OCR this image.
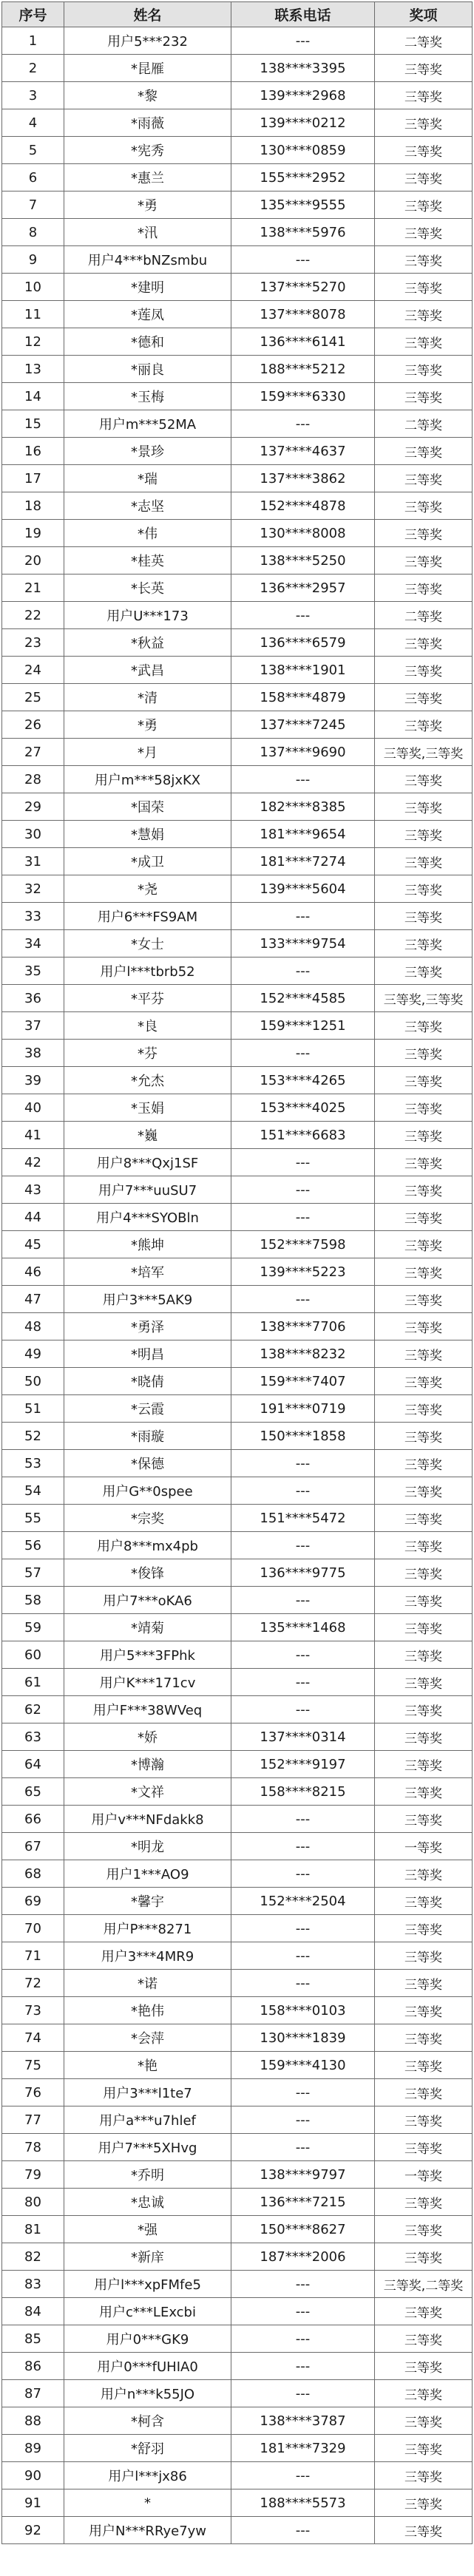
序号	姓名	联系电话	奖项
1	用户5***232	---	二等奖
2	*昆雁	138****3395	三等奖
3	*黎	139****2968	三等奖
4	*雨薇	139****0212	三等奖
5	*宪秀	130****0859	三等奖
6	*惠兰	155****2952	三等奖
7	*勇	135****9555	三等奖
8	*汛	138****5976	三等奖
9	用户4***bNZsmbu	---	三等奖
10	*建明	137****5270	三等奖
11	*莲凤	137****8078	三等奖
12	*德和	136****6141	三等奖
13	*丽良	188****5212	三等奖
14	*玉梅	159****6330	三等奖
15	用户m***52MA	---	二等奖
16	*景珍	137****4637	三等奖
17	*瑞	137****3862	三等奖
18	*志坚	152****4878	三等奖
19	*伟	130****8008	三等奖
20	*桂英	138****5250	三等奖
21	*长英	136****2957	三等奖
22	用户U***173	---	二等奖
23	*秋益	136****6579	三等奖
24	*武昌	138****1901	三等奖
25	*清	158****4879	三等奖
26	*勇	137****7245	三等奖
27	*月	137****9690	三等奖,三等奖
28	用户m***58jxKX	---	三等奖
29	*国荣	182****8385	三等奖
30	*慧娟	181****9654	三等奖
31	*成卫	181****7274	三等奖
32	*尧	139****5604	三等奖
33	用户6***FS9AM	---	三等奖
34	*女士	133****9754	三等奖
35	用户l***tbrb52	---	三等奖
36	*平芬	152****4585	三等奖,三等奖
37	*良	159****1251	三等奖
38	*芬	---	三等奖
39	*允杰	153****4265	三等奖
40	*玉娟	153****4025	三等奖
41	*巍	151****6683	三等奖
42	用户8***Qxj1SF	---	三等奖
43	用户7***uuSU7	---	三等奖
44	用户4***SYOBln	---	三等奖
45	*熊坤	152****7598	三等奖
46	*培军	139****5223	三等奖
47	用户3***5AK9	---	三等奖
48	*勇泽	138****7706	三等奖
49	*明昌	138****8232	三等奖
50	*晓倩	159****7407	三等奖
51	*云霞	191****0719	三等奖
52	*雨璇	150****1858	三等奖
53	*保德	---	三等奖
54	用户G**0spee	---	三等奖
55	*宗奖	151****5472	三等奖
56	用户8***mx4pb	---	三等奖
57	*俊锋	136****9775	三等奖
58	用户7***oKA6	---	三等奖
59	*靖菊	135****1468	三等奖
60	用户5***3FPhk	---	三等奖
61	用户K***171cv	---	三等奖
62	用户F***38WVeq	---	三等奖
63	*娇	137****0314	三等奖
64	*博瀚	152****9197	三等奖
65	*文祥	158****8215	三等奖
66	用户v***NFdakk8	---	三等奖
67	*明龙	---	一等奖
68	用户1***AO9	---	三等奖
69	*馨宇	152****2504	三等奖
70	用户P***8271	---	三等奖
71	用户3***4MR9	---	三等奖
72	*诺	---	三等奖
73	*艳伟	158****0103	三等奖
74	*会萍	130****1839	三等奖
75	*艳	159****4130	三等奖
76	用户3***l1te7	---	三等奖
77	用户a***u7hlef	---	三等奖
78	用户7***5XHvg	---	三等奖
79	*乔明	138****9797	一等奖
80	*忠诚	136****7215	三等奖
81	*强	150****8627	三等奖
82	*新庠	187****2006	三等奖
83	用户l***xpFMfe5	---	三等奖,二等奖
84	用户c***LExcbi	---	三等奖
85	用户0***GK9	---	三等奖
86	用户0***fUHIA0	---	三等奖
87	用户n***k55JO	---	三等奖
88	*柯含	138****3787	三等奖
89	*舒羽	181****7329	三等奖
90	用户l***jx86	---	三等奖
91	*	188****5573	三等奖
92	用户N***RRye7yw	---	三等奖
